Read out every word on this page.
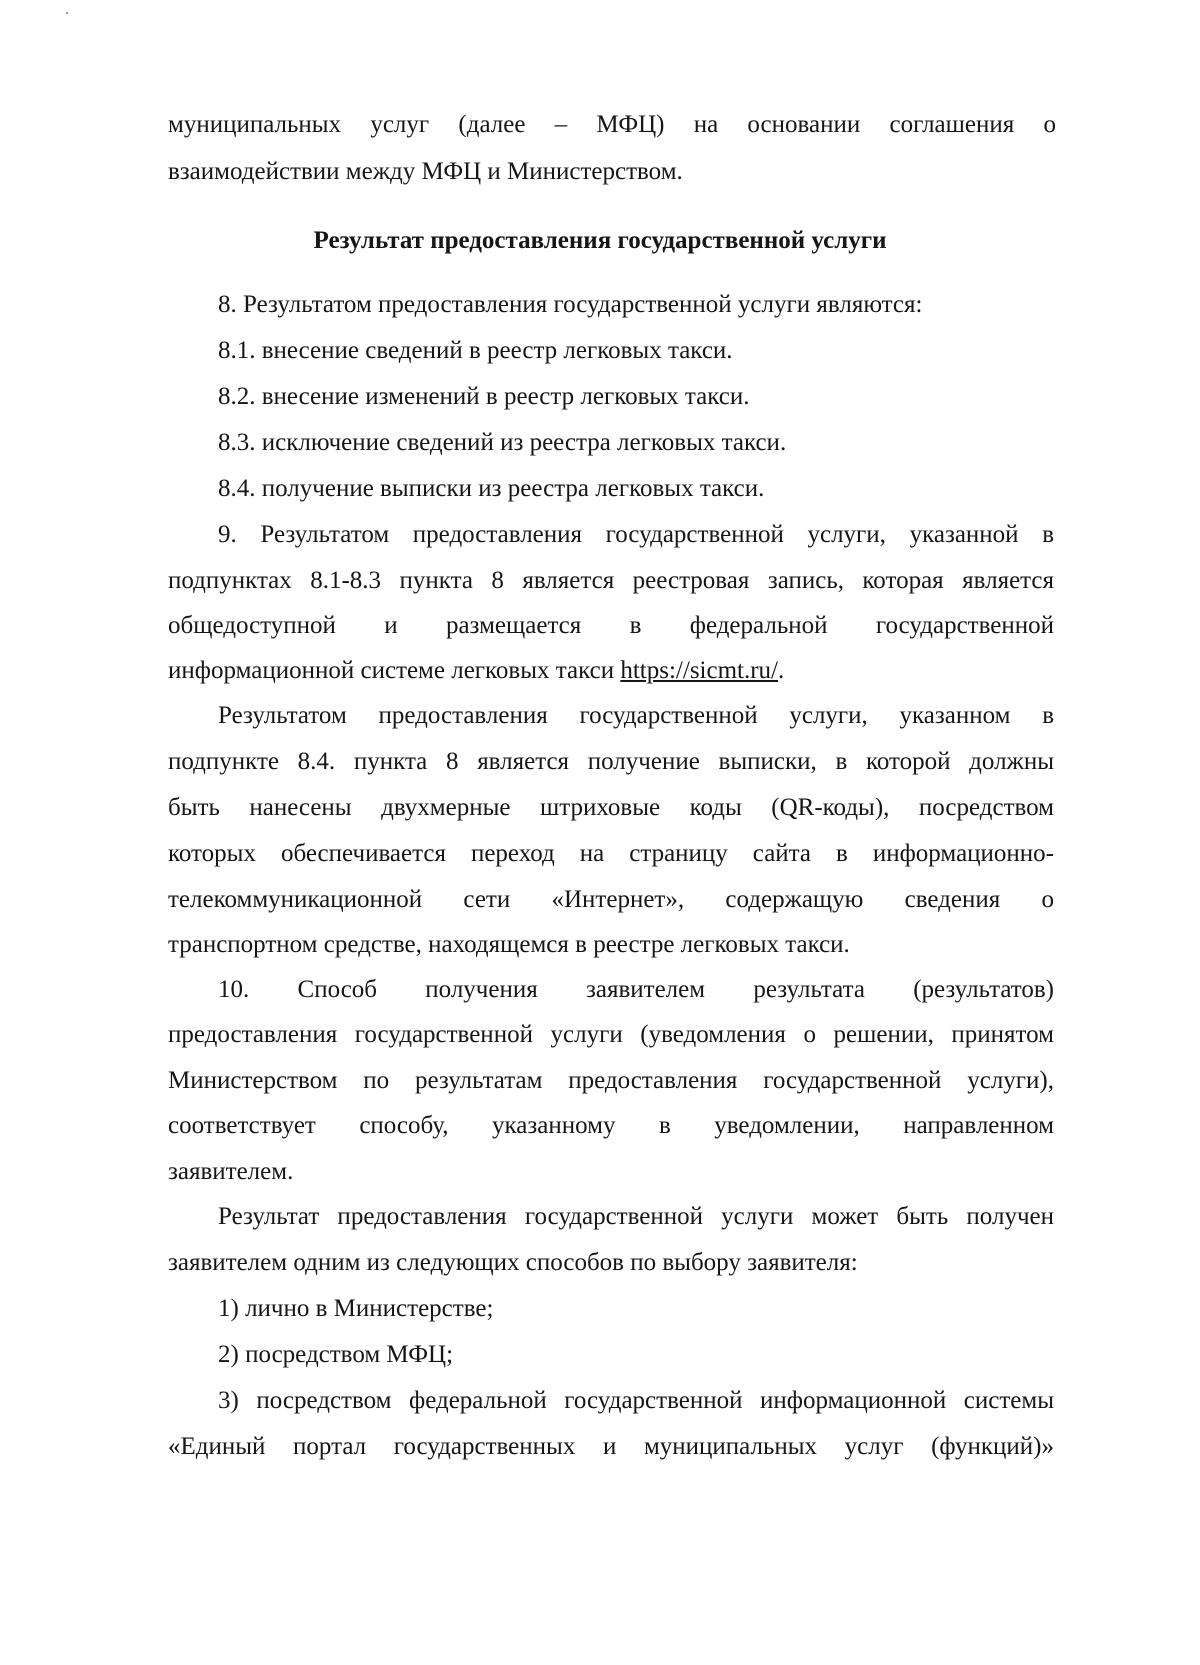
муниципальных услуг (далее – МФЦ) на основании соглашения о
взаимодействии между МФЦ и Министерством.
Результат предоставления государственной услуги
8. Результатом предоставления государственной услуги являются:
8.1. внесение сведений в реестр легковых такси.
8.2. внесение изменений в реестр легковых такси.
8.3. исключение сведений из реестра легковых такси.
8.4. получение выписки из реестра легковых такси.
9. Результатом предоставления государственной услуги, указанной в
подпунктах 8.1-8.3 пункта 8 является реестровая запись, которая является
общедоступной и размещается в федеральной государственной
информационной системе легковых такси https://sicmt.ru/.
Результатом предоставления государственной услуги, указанном в
подпункте 8.4. пункта 8 является получение выписки, в которой должны
быть нанесены двухмерные штриховые коды (QR-коды), посредством
которых обеспечивается переход на страницу сайта в информационно-
телекоммуникационной сети «Интернет», содержащую сведения о
транспортном средстве, находящемся в реестре легковых такси.
10. Способ получения заявителем результата (результатов)
предоставления государственной услуги (уведомления о решении, принятом
Министерством по результатам предоставления государственной услуги),
соответствует способу, указанному в уведомлении, направленном
заявителем.
Результат предоставления государственной услуги может быть получен
заявителем одним из следующих способов по выбору заявителя:
1) лично в Министерстве;
2) посредством МФЦ;
3) посредством федеральной государственной информационной системы
«Единый портал государственных и муниципальных услуг (функций)»
